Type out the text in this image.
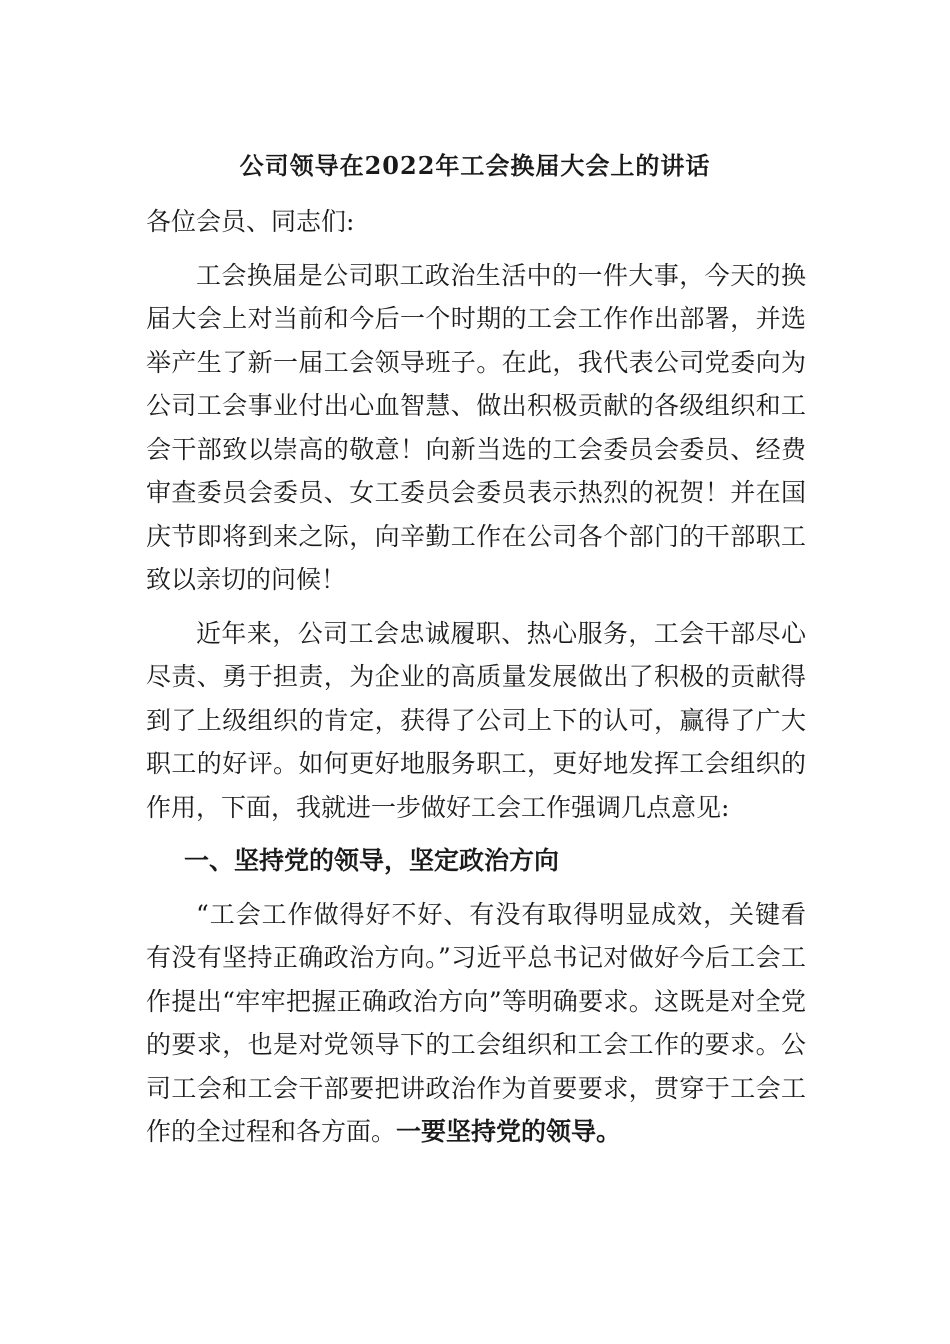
公司领导在2022年工会换届大会上的讲话

各位会员、同志们:

工会换届是公司职工政治生活中的一件大事，今天的换届大会上对当前和今后一个时期的工会工作作出部署，并选举产生了新一届工会领导班子。在此，我代表公司党委向为公司工会事业付出心血智慧、做出积极贡献的各级组织和工会干部致以崇高的敬意！向新当选的工会委员会委员、经费审查委员会委员、女工委员会委员表示热烈的祝贺！并在国庆节即将到来之际，向辛勤工作在公司各个部门的干部职工致以亲切的问候！

近年来，公司工会忠诚履职、热心服务，工会干部尽心尽责、勇于担责，为企业的高质量发展做出了积极的贡献得到了上级组织的肯定，获得了公司上下的认可，赢得了广大职工的好评。如何更好地服务职工，更好地发挥工会组织的作用，下面，我就进一步做好工会工作强调几点意见:

一、坚持党的领导，坚定政治方向

“工会工作做得好不好、有没有取得明显成效，关键看有没有坚持正确政治方向。”习近平总书记对做好今后工会工作提出“牢牢把握正确政治方向”等明确要求。这既是对全党的要求，也是对党领导下的工会组织和工会工作的要求。公司工会和工会干部要把讲政治作为首要要求，贯穿于工会工作的全过程和各方面。一要坚持党的领导。
